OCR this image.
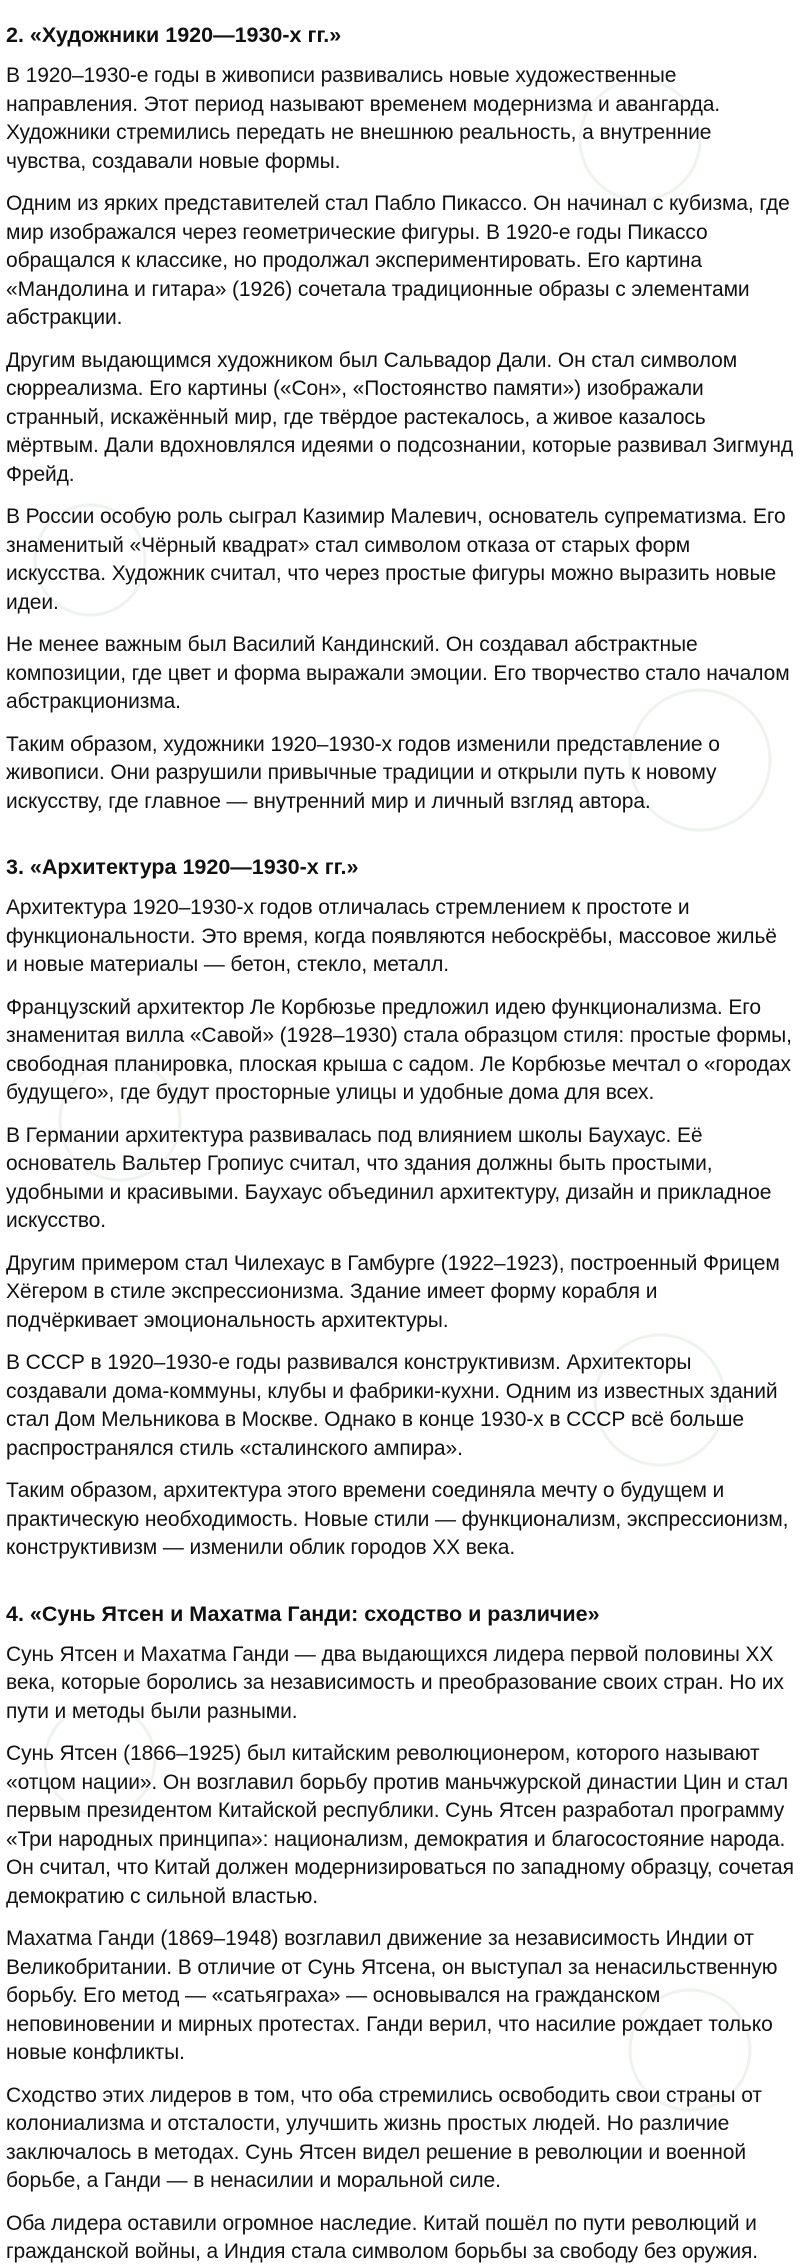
2. «Художники 1920—1930-х гг.»

В 1920–1930-е годы в живописи развивались новые художественные направления. Этот период называют временем модернизма и авангарда. Художники стремились передать не внешнюю реальность, а внутренние чувства, создавали новые формы.

Одним из ярких представителей стал Пабло Пикассо. Он начинал с кубизма, где мир изображался через геометрические фигуры. В 1920-е годы Пикассо обращался к классике, но продолжал экспериментировать. Его картина «Мандолина и гитара» (1926) сочетала традиционные образы с элементами абстракции.

Другим выдающимся художником был Сальвадор Дали. Он стал символом сюрреализма. Его картины («Сон», «Постоянство памяти») изображали странный, искажённый мир, где твёрдое растекалось, а живое казалось мёртвым. Дали вдохновлялся идеями о подсознании, которые развивал Зигмунд Фрейд.

В России особую роль сыграл Казимир Малевич, основатель супрематизма. Его знаменитый «Чёрный квадрат» стал символом отказа от старых форм искусства. Художник считал, что через простые фигуры можно выразить новые идеи.

Не менее важным был Василий Кандинский. Он создавал абстрактные композиции, где цвет и форма выражали эмоции. Его творчество стало началом абстракционизма.

Таким образом, художники 1920–1930-х годов изменили представление о живописи. Они разрушили привычные традиции и открыли путь к новому искусству, где главное — внутренний мир и личный взгляд автора.

3. «Архитектура 1920—1930-х гг.»

Архитектура 1920–1930-х годов отличалась стремлением к простоте и функциональности. Это время, когда появляются небоскрёбы, массовое жильё и новые материалы — бетон, стекло, металл.

Французский архитектор Ле Корбюзье предложил идею функционализма. Его знаменитая вилла «Савой» (1928–1930) стала образцом стиля: простые формы, свободная планировка, плоская крыша с садом. Ле Корбюзье мечтал о «городах будущего», где будут просторные улицы и удобные дома для всех.

В Германии архитектура развивалась под влиянием школы Баухаус. Её основатель Вальтер Гропиус считал, что здания должны быть простыми, удобными и красивыми. Баухаус объединил архитектуру, дизайн и прикладное искусство.

Другим примером стал Чилехаус в Гамбурге (1922–1923), построенный Фрицем Хёгером в стиле экспрессионизма. Здание имеет форму корабля и подчёркивает эмоциональность архитектуры.

В СССР в 1920–1930-е годы развивался конструктивизм. Архитекторы создавали дома-коммуны, клубы и фабрики-кухни. Одним из известных зданий стал Дом Мельникова в Москве. Однако в конце 1930-х в СССР всё больше распространялся стиль «сталинского ампира».

Таким образом, архитектура этого времени соединяла мечту о будущем и практическую необходимость. Новые стили — функционализм, экспрессионизм, конструктивизм — изменили облик городов XX века.

4. «Сунь Ятсен и Махатма Ганди: сходство и различие»

Сунь Ятсен и Махатма Ганди — два выдающихся лидера первой половины XX века, которые боролись за независимость и преобразование своих стран. Но их пути и методы были разными.

Сунь Ятсен (1866–1925) был китайским революционером, которого называют «отцом нации». Он возглавил борьбу против маньчжурской династии Цин и стал первым президентом Китайской республики. Сунь Ятсен разработал программу «Три народных принципа»: национализм, демократия и благосостояние народа. Он считал, что Китай должен модернизироваться по западному образцу, сочетая демократию с сильной властью.

Махатма Ганди (1869–1948) возглавил движение за независимость Индии от Великобритании. В отличие от Сунь Ятсена, он выступал за ненасильственную борьбу. Его метод — «сатьяграха» — основывался на гражданском неповиновении и мирных протестах. Ганди верил, что насилие рождает только новые конфликты.

Сходство этих лидеров в том, что оба стремились освободить свои страны от колониализма и отсталости, улучшить жизнь простых людей. Но различие заключалось в методах. Сунь Ятсен видел решение в революции и военной борьбе, а Ганди — в ненасилии и моральной силе.

Оба лидера оставили огромное наследие. Китай пошёл по пути революций и гражданской войны, а Индия стала символом борьбы за свободу без оружия.
